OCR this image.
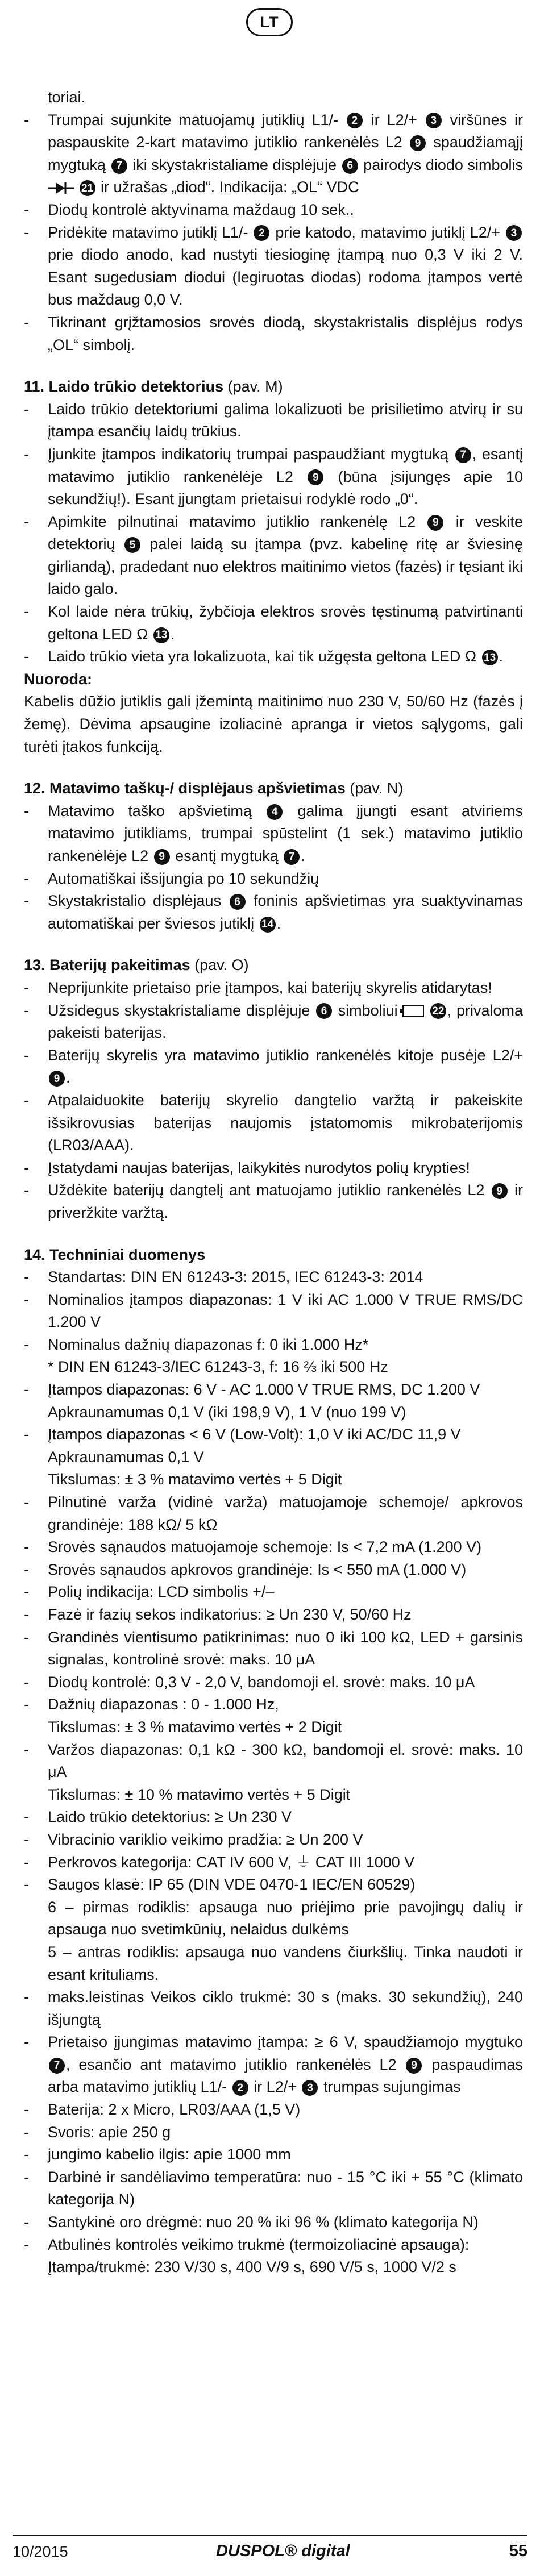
LT

toriai.

- Trumpai sujunkite matuojamų jutiklių L1/- 2 ir L2/+ 3 viršūnes ir paspauskite 2-kart matavimo jutiklio rankenėlės L2 9 spaudžiamąjį mygtuką 7 iki skystakristaliame displėjuje 6 pairodys diodo simbolis  21 ir užrašas „diod“. Indikacija: „OL“ VDC

- Diodų kontrolė aktyvinama maždaug 10 sek..

- Pridėkite matavimo jutiklį L1/- 2 prie katodo, matavimo jutiklį L2/+ 3 prie diodo anodo, kad nustyti tiesioginę įtampą nuo 0,3 V iki 2 V. Esant sugedusiam diodui (legiruotas diodas) rodoma įtampos vertė bus maždaug 0,0 V.

- Tikrinant grįžtamosios srovės diodą, skystakristalis displėjus rodys „OL“ simbolį.

11. Laido trūkio detektorius (pav. M)

- Laido trūkio detektoriumi galima lokalizuoti be prisilietimo atvirų ir su įtampa esančių laidų trūkius.

- Įjunkite įtampos indikatorių trumpai paspaudžiant mygtuką 7 , esantį matavimo jutiklio rankenėlėje L2 9 (būna įsijungęs apie 10 sekundžių!). Esant įjungtam prietaisui rodyklė rodo „0“.

- Apimkite pilnutinai matavimo jutiklio rankenėlę L2 9 ir veskite detektorių 5 palei laidą su įtampa (pvz. kabelinę ritę ar šviesinę girliandą), pradedant nuo elektros maitinimo vietos (fazės) ir tęsiant iki laido galo.

- Kol laide nėra trūkių, žybčioja elektros srovės tęstinumą patvirtinanti geltona LED Ω 13 .

- Laido trūkio vieta yra lokalizuota, kai tik užgęsta geltona LED Ω 13 .

Nuoroda:

Kabelis dūžio jutiklis gali įžemintą maitinimo nuo 230 V, 50/60 Hz (fazės į žemę). Dėvima apsaugine izoliacinė apranga ir vietos sąlygoms, gali turėti įtakos funkciją.

12. Matavimo taškų-/ displėjaus apšvietimas (pav. N)

- Matavimo taško apšvietimą 4 galima įjungti esant atviriems matavimo jutikliams, trumpai spūstelint (1 sek.) matavimo jutiklio rankenėlėje L2 9 esantį mygtuką 7 .

- Automatiškai išsijungia po 10 sekundžių

- Skystakristalio displėjaus 6 foninis apšvietimas yra suaktyvinamas automatiškai per šviesos jutiklį 14 .

13. Baterijų pakeitimas (pav. O)

- Neprijunkite prietaiso prie įtampos, kai baterijų skyrelis atidarytas!

- Užsidegus skystakristaliame displėjuje 6 simboliui	22 , privaloma pakeisti baterijas.

- Baterijų skyrelis yra matavimo jutiklio rankenėlės kitoje pusėje L2/+ 9 .

- Atpalaiduokite baterijų skyrelio dangtelio varžtą ir pakeiskite išsikrovusias baterijas naujomis įstatomomis mikrobaterijomis (LR03/AAA).

- Įstatydami naujas baterijas, laikykitės nurodytos polių krypties!

- Uždėkite baterijų dangtelį ant matuojamo jutiklio rankenėlės L2 9 ir priveržkite varžtą.

14. Techniniai duomenys

- Standartas: DIN EN 61243-3: 2015, IEC 61243-3: 2014

- Nominalios įtampos diapazonas: 1 V iki AC 1.000 V TRUE RMS/DC 1.200 V

- Nominalus dažnių diapazonas f: 0 iki 1.000 Hz*

* DIN EN 61243-3/IEC 61243-3, f: 16 ⅔ iki 500 Hz

- Įtampos diapazonas: 6 V - AC 1.000 V TRUE RMS, DC 1.200 V

Apkraunamumas 0,1 V (iki 198,9 V), 1 V (nuo 199 V)

- Įtampos diapazonas < 6 V (Low-Volt): 1,0 V iki AC/DC 11,9 V

Apkraunamumas 0,1 V

Tikslumas: ± 3 % matavimo vertės + 5 Digit

- Pilnutinė varža (vidinė varža) matuojamoje schemoje/ apkrovos grandinėje: 188 kΩ/ 5 kΩ

- Srovės sąnaudos matuojamoje schemoje: Is < 7,2 mA (1.200 V)

- Srovės sąnaudos apkrovos grandinėje: Is < 550 mA (1.000 V)

- Polių indikacija: LCD simbolis +/–

- Fazė ir fazių sekos indikatorius: ≥ Un 230 V, 50/60 Hz

- Grandinės vientisumo patikrinimas: nuo 0 iki 100 kΩ, LED + garsinis signalas, kontrolinė srovė: maks. 10 μA

- Diodų kontrolė: 0,3 V - 2,0 V, bandomoji el. srovė: maks. 10 μA

- Dažnių diapazonas : 0 - 1.000 Hz,

Tikslumas: ± 3 % matavimo vertės + 2 Digit

- Varžos diapazonas: 0,1 kΩ - 300 kΩ, bandomoji el. srovė: maks. 10 μA

Tikslumas: ± 10 % matavimo vertės + 5 Digit

- Laido trūkio detektorius: ≥ Un 230 V

- Vibracinio variklio veikimo pradžia: ≥ Un 200 V

- Perkrovos kategorija: CAT IV 600 V, ⏚ CAT III 1000 V

- Saugos klasė: IP 65 (DIN VDE 0470-1 IEC/EN 60529)

6 – pirmas rodiklis: apsauga nuo priėjimo prie pavojingų dalių ir apsauga nuo svetimkūnių, nelaidus dulkėms

5 – antras rodiklis: apsauga nuo vandens čiurkšlių. Tinka naudoti ir esant krituliams.

- maks.leistinas Veikos ciklo trukmė: 30 s (maks. 30 sekundžių), 240 išjungtą

- Prietaiso įjungimas matavimo įtampa: ≥ 6 V, spaudžiamojo mygtuko 7 , esančio ant matavimo jutiklio rankenėlės L2 9 paspaudimas arba matavimo jutiklių L1/- 2 ir L2/+ 3 trumpas sujungimas

- Baterija: 2 x Micro, LR03/AAA (1,5 V)

- Svoris: apie 250 g

- jungimo kabelio ilgis: apie 1000 mm

- Darbinė ir sandėliavimo temperatūra: nuo - 15 °C iki + 55 °C (klimato kategorija N)

- Santykinė oro drėgmė: nuo 20 % iki 96 % (klimato kategorija N)

- Atbulinės kontrolės veikimo trukmė (termoizoliacinė apsauga):

Įtampa/trukmė: 230 V/30 s, 400 V/9 s, 690 V/5 s, 1000 V/2 s

10/2015	DUSPOL® digital	55
